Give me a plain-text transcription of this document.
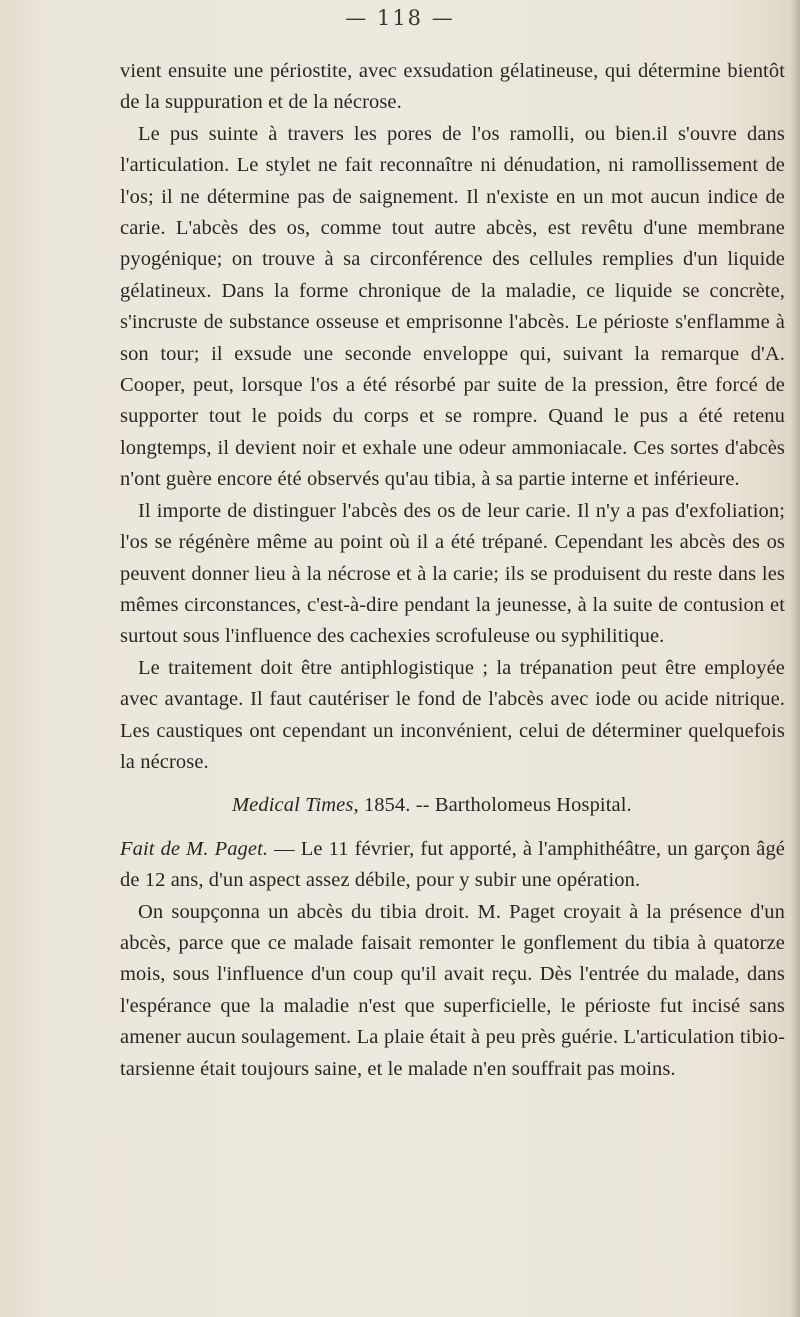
— 118 —

vient ensuite une périostite, avec exsudation gélatineuse, qui détermine bientôt de la suppuration et de la nécrose.

Le pus suinte à travers les pores de l'os ramolli, ou bien.il s'ouvre dans l'articulation. Le stylet ne fait reconnaître ni dénudation, ni ramollissement de l'os; il ne détermine pas de saignement. Il n'existe en un mot aucun indice de carie. L'abcès des os, comme tout autre abcès, est revêtu d'une membrane pyogénique; on trouve à sa circonférence des cellules remplies d'un liquide gélatineux. Dans la forme chronique de la maladie, ce liquide se concrète, s'incruste de substance osseuse et emprisonne l'abcès. Le périoste s'enflamme à son tour; il exsude une seconde enveloppe qui, suivant la remarque d'A. Cooper, peut, lorsque l'os a été résorbé par suite de la pression, être forcé de supporter tout le poids du corps et se rompre. Quand le pus a été retenu longtemps, il devient noir et exhale une odeur ammoniacale. Ces sortes d'abcès n'ont guère encore été observés qu'au tibia, à sa partie interne et inférieure.

Il importe de distinguer l'abcès des os de leur carie. Il n'y a pas d'exfoliation; l'os se régénère même au point où il a été trépané. Cependant les abcès des os peuvent donner lieu à la nécrose et à la carie; ils se produisent du reste dans les mêmes circonstances, c'est-à-dire pendant la jeunesse, à la suite de contusion et surtout sous l'influence des cachexies scrofuleuse ou syphilitique.

Le traitement doit être antiphlogistique ; la trépanation peut être employée avec avantage. Il faut cautériser le fond de l'abcès avec iode ou acide nitrique. Les caustiques ont cependant un inconvénient, celui de déterminer quelquefois la nécrose.

Medical Times, 1854. -- Bartholomeus Hospital.

Fait de M. Paget. — Le 11 février, fut apporté, à l'amphithéâtre, un garçon âgé de 12 ans, d'un aspect assez débile, pour y subir une opération.

On soupçonna un abcès du tibia droit. M. Paget croyait à la présence d'un abcès, parce que ce malade faisait remonter le gonflement du tibia à quatorze mois, sous l'influence d'un coup qu'il avait reçu. Dès l'entrée du malade, dans l'espérance que la maladie n'est que superficielle, le périoste fut incisé sans amener aucun soulagement. La plaie était à peu près guérie. L'articulation tibio-tarsienne était toujours saine, et le malade n'en souffrait pas moins.
